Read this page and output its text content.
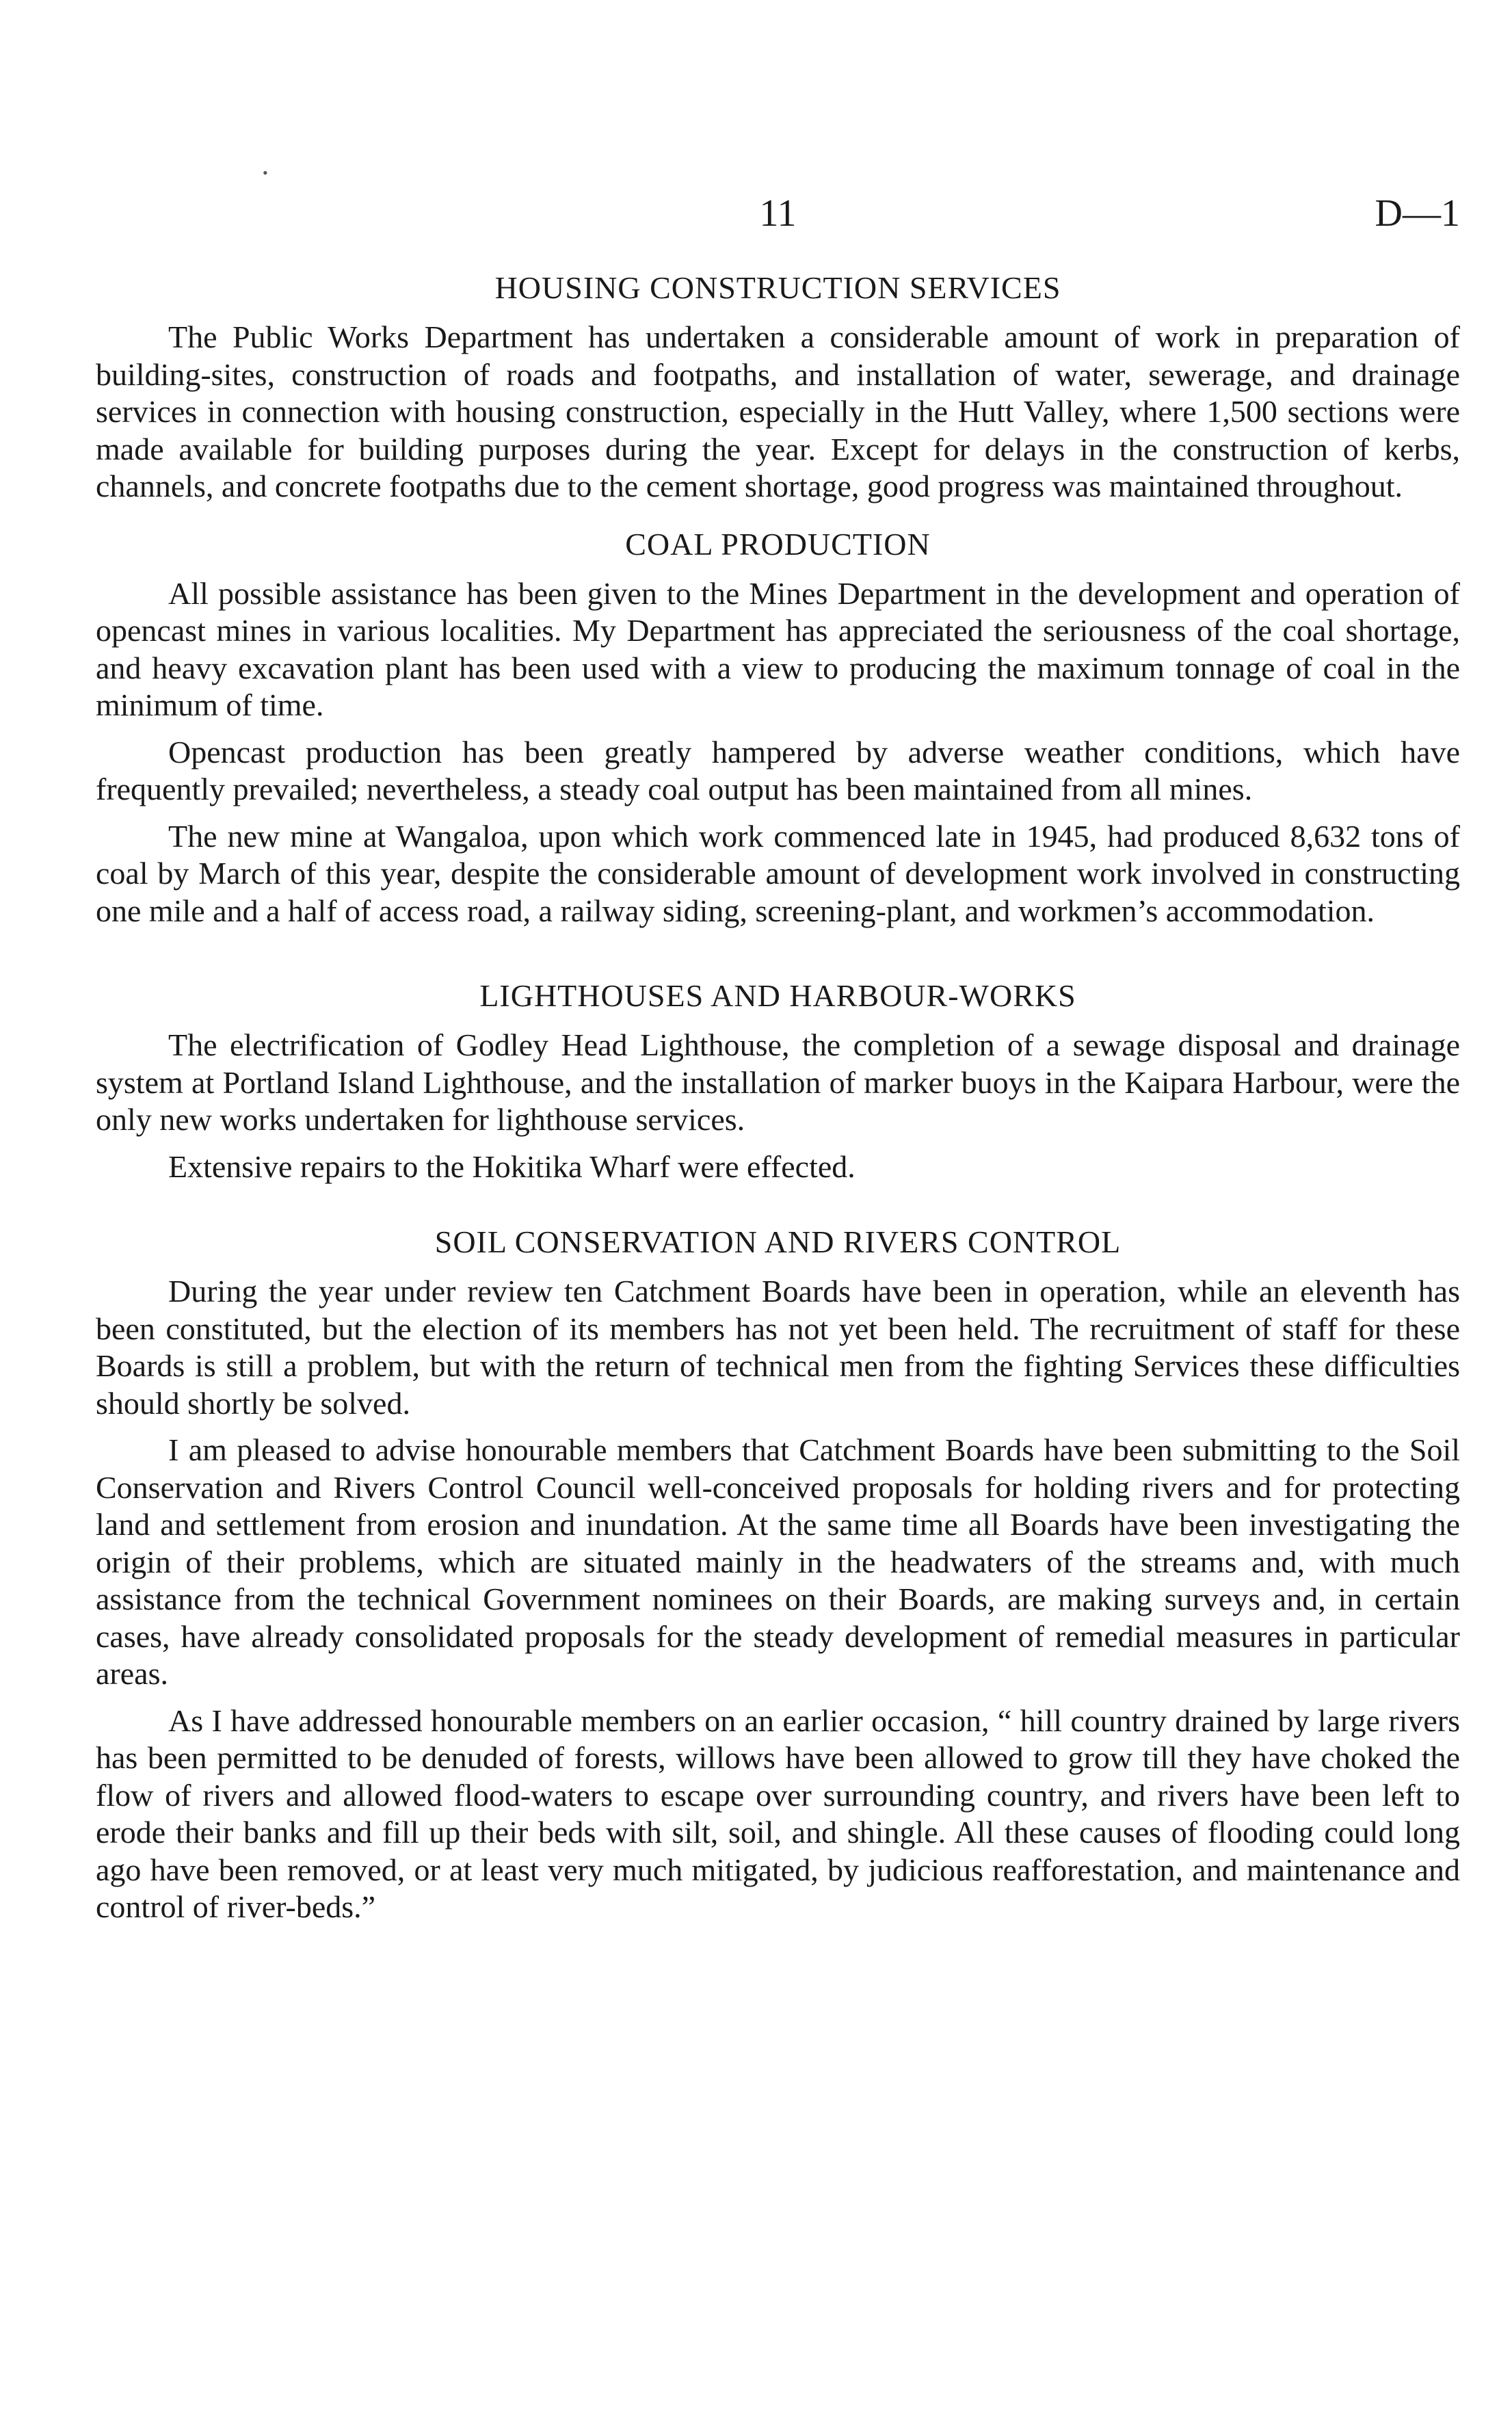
•
11	D—1
HOUSING CONSTRUCTION SERVICES

The Public Works Department has undertaken a considerable amount of work in preparation of building-sites, construction of roads and footpaths, and installation of water, sewerage, and drainage services in connection with housing construction, especially in the Hutt Valley, where 1,500 sections were made available for building purposes during the year. Except for delays in the construction of kerbs, channels, and concrete footpaths due to the cement shortage, good progress was maintained throughout.

COAL PRODUCTION

All possible assistance has been given to the Mines Department in the development and operation of opencast mines in various localities. My Department has appreciated the seriousness of the coal shortage, and heavy excavation plant has been used with a view to producing the maximum tonnage of coal in the minimum of time.

Opencast production has been greatly hampered by adverse weather conditions, which have frequently prevailed; nevertheless, a steady coal output has been maintained from all mines.

The new mine at Wangaloa, upon which work commenced late in 1945, had produced 8,632 tons of coal by March of this year, despite the considerable amount of development work involved in constructing one mile and a half of access road, a railway siding, screening-plant, and workmen’s accommodation.

LIGHTHOUSES AND HARBOUR-WORKS

The electrification of Godley Head Lighthouse, the completion of a sewage disposal and drainage system at Portland Island Lighthouse, and the installation of marker buoys in the Kaipara Harbour, were the only new works undertaken for lighthouse services.

Extensive repairs to the Hokitika Wharf were effected.

SOIL CONSERVATION AND RIVERS CONTROL

During the year under review ten Catchment Boards have been in operation, while an eleventh has been constituted, but the election of its members has not yet been held. The recruitment of staff for these Boards is still a problem, but with the return of technical men from the fighting Services these difficulties should shortly be solved.

I am pleased to advise honourable members that Catchment Boards have been submitting to the Soil Conservation and Rivers Control Council well-conceived proposals for holding rivers and for protecting land and settlement from erosion and inundation. At the same time all Boards have been investigating the origin of their problems, which are situated mainly in the headwaters of the streams and, with much assistance from the technical Government nominees on their Boards, are making surveys and, in certain cases, have already consolidated proposals for the steady development of remedial measures in particular areas.

As I have addressed honourable members on an earlier occasion, “ hill country drained by large rivers has been permitted to be denuded of forests, willows have been allowed to grow till they have choked the flow of rivers and allowed flood-waters to escape over surrounding country, and rivers have been left to erode their banks and fill up their beds with silt, soil, and shingle. All these causes of flooding could long ago have been removed, or at least very much mitigated, by judicious reafforestation, and maintenance and control of river-beds.”
